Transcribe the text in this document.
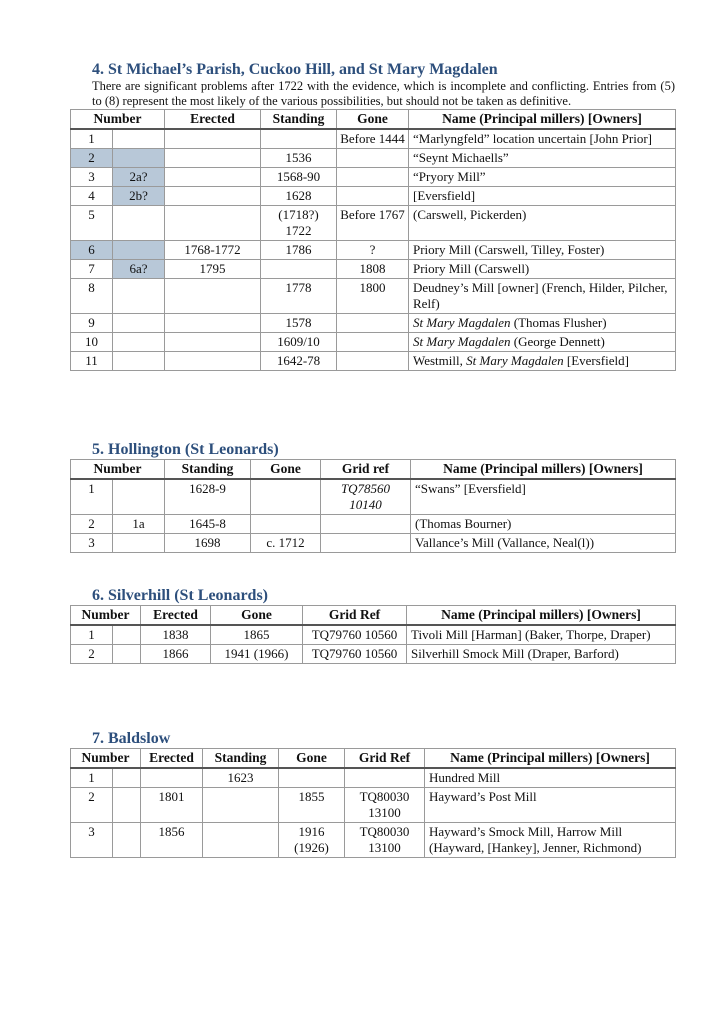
4. St Michael’s Parish, Cuckoo Hill, and St Mary Magdalen

There are significant problems after 1722 with the evidence, which is incomplete and conflicting. Entries from (5) to (8) represent the most likely of the various possibilities, but should not be taken as definitive.

Number		Erected	Standing	Gone	Name (Principal millers) [Owners]
1				Before 1444	“Marlyngfeld” location uncertain [John Prior]
2			1536		“Seynt Michaells”
3	2a?		1568-90		“Pryory Mill”
4	2b?		1628		[Eversfield]
5			(1718?) 1722	Before 1767	(Carswell, Pickerden)
6		1768-1772	1786	?	Priory Mill (Carswell, Tilley, Foster)
7	6a?	1795		1808	Priory Mill (Carswell)
8			1778	1800	Deudney’s Mill [owner] (French, Hilder, Pilcher, Relf)
9			1578		St Mary Magdalen (Thomas Flusher)
10			1609/10		St Mary Magdalen (George Dennett)
11			1642-78		Westmill, St Mary Magdalen [Eversfield]

5. Hollington (St Leonards)

Number		Standing	Gone	Grid ref	Name (Principal millers) [Owners]
1		1628-9		TQ78560 10140	“Swans” [Eversfield]
2	1a	1645-8			(Thomas Bourner)
3		1698	c. 1712		Vallance’s Mill (Vallance, Neal(l))

6. Silverhill (St Leonards)

Number		Erected	Gone	Grid Ref	Name (Principal millers) [Owners]
1		1838	1865	TQ79760 10560	Tivoli Mill [Harman] (Baker, Thorpe, Draper)
2		1866	1941 (1966)	TQ79760 10560	Silverhill Smock Mill (Draper, Barford)

7. Baldslow

Number		Erected	Standing	Gone	Grid Ref	Name (Principal millers) [Owners]
1			1623			Hundred Mill
2		1801		1855	TQ80030 13100	Hayward’s Post Mill
3		1856		1916 (1926)	TQ80030 13100	Hayward’s Smock Mill, Harrow Mill (Hayward, [Hankey], Jenner, Richmond)
